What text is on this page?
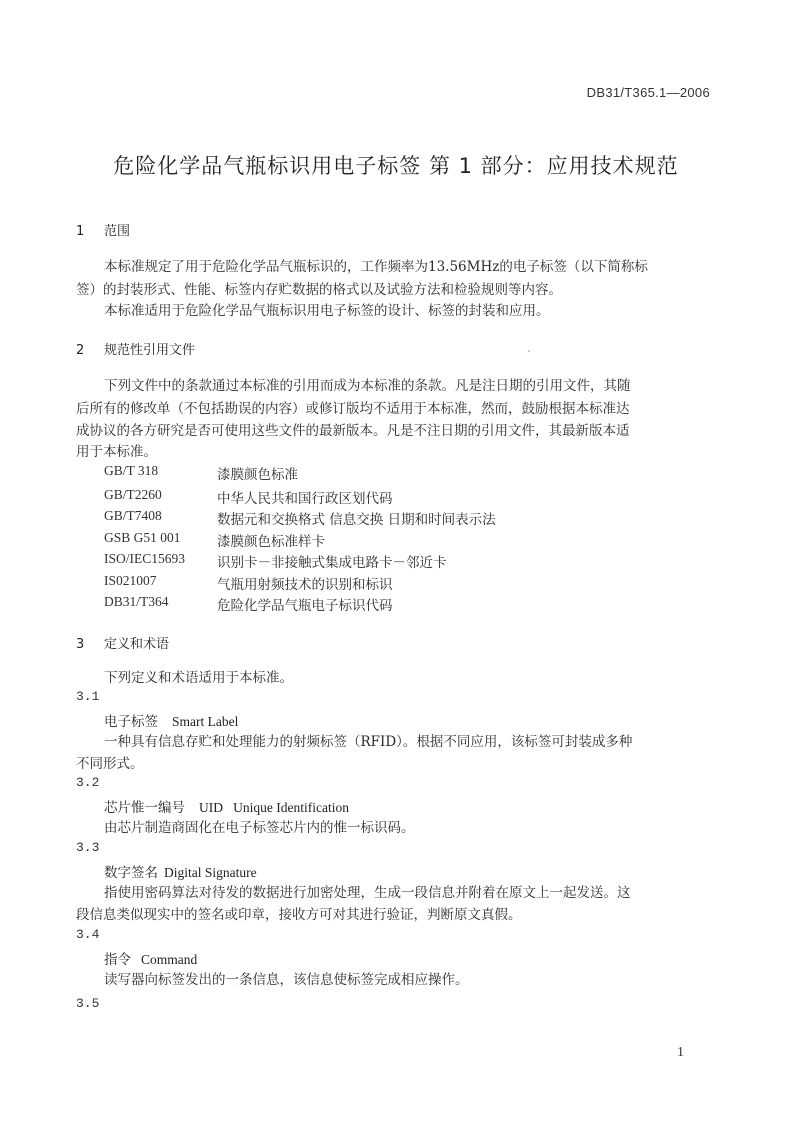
DB31/T365.1—2006
危险化学品气瓶标识用电子标签 第 1 部分：应用技术规范
1 范围
本标准规定了用于危险化学品气瓶标识的，工作频率为13.56MHz的电子标签（以下简称标
签）的封装形式、性能、标签内存贮数据的格式以及试验方法和检验规则等内容。
本标准适用于危险化学品气瓶标识用电子标签的设计、标签的封装和应用。
2 规范性引用文件
下列文件中的条款通过本标准的引用而成为本标准的条款。凡是注日期的引用文件，其随
后所有的修改单（不包括勘误的内容）或修订版均不适用于本标准，然而，鼓励根据本标准达
成协议的各方研究是否可使用这些文件的最新版本。凡是不注日期的引用文件，其最新版本适
用于本标准。
GB/T 318	漆膜颜色标准
GB/T2260	中华人民共和国行政区划代码
GB/T7408	数据元和交换格式 信息交换 日期和时间表示法
GSB G51 001	漆膜颜色标准样卡
ISO/IEC15693 识别卡－非接触式集成电路卡－邻近卡
IS021007	气瓶用射频技术的识别和标识
DB31/T364	危险化学品气瓶电子标识代码
3 定义和术语
下列定义和术语适用于本标准。
3.1
电子标签 Smart Label
一种具有信息存贮和处理能力的射频标签（RFID）。根据不同应用，该标签可封装成多种
不同形式。
3.2
芯片惟一编号 UID   Unique Identification
由芯片制造商固化在电子标签芯片内的惟一标识码。
3.3
数字签名 Digital Signature
指使用密码算法对待发的数据进行加密处理，生成一段信息并附着在原文上一起发送。这
段信息类似现实中的签名或印章，接收方可对其进行验证，判断原文真假。
3.4
指令 Command
读写器向标签发出的一条信息，该信息使标签完成相应操作。
3.5
1
